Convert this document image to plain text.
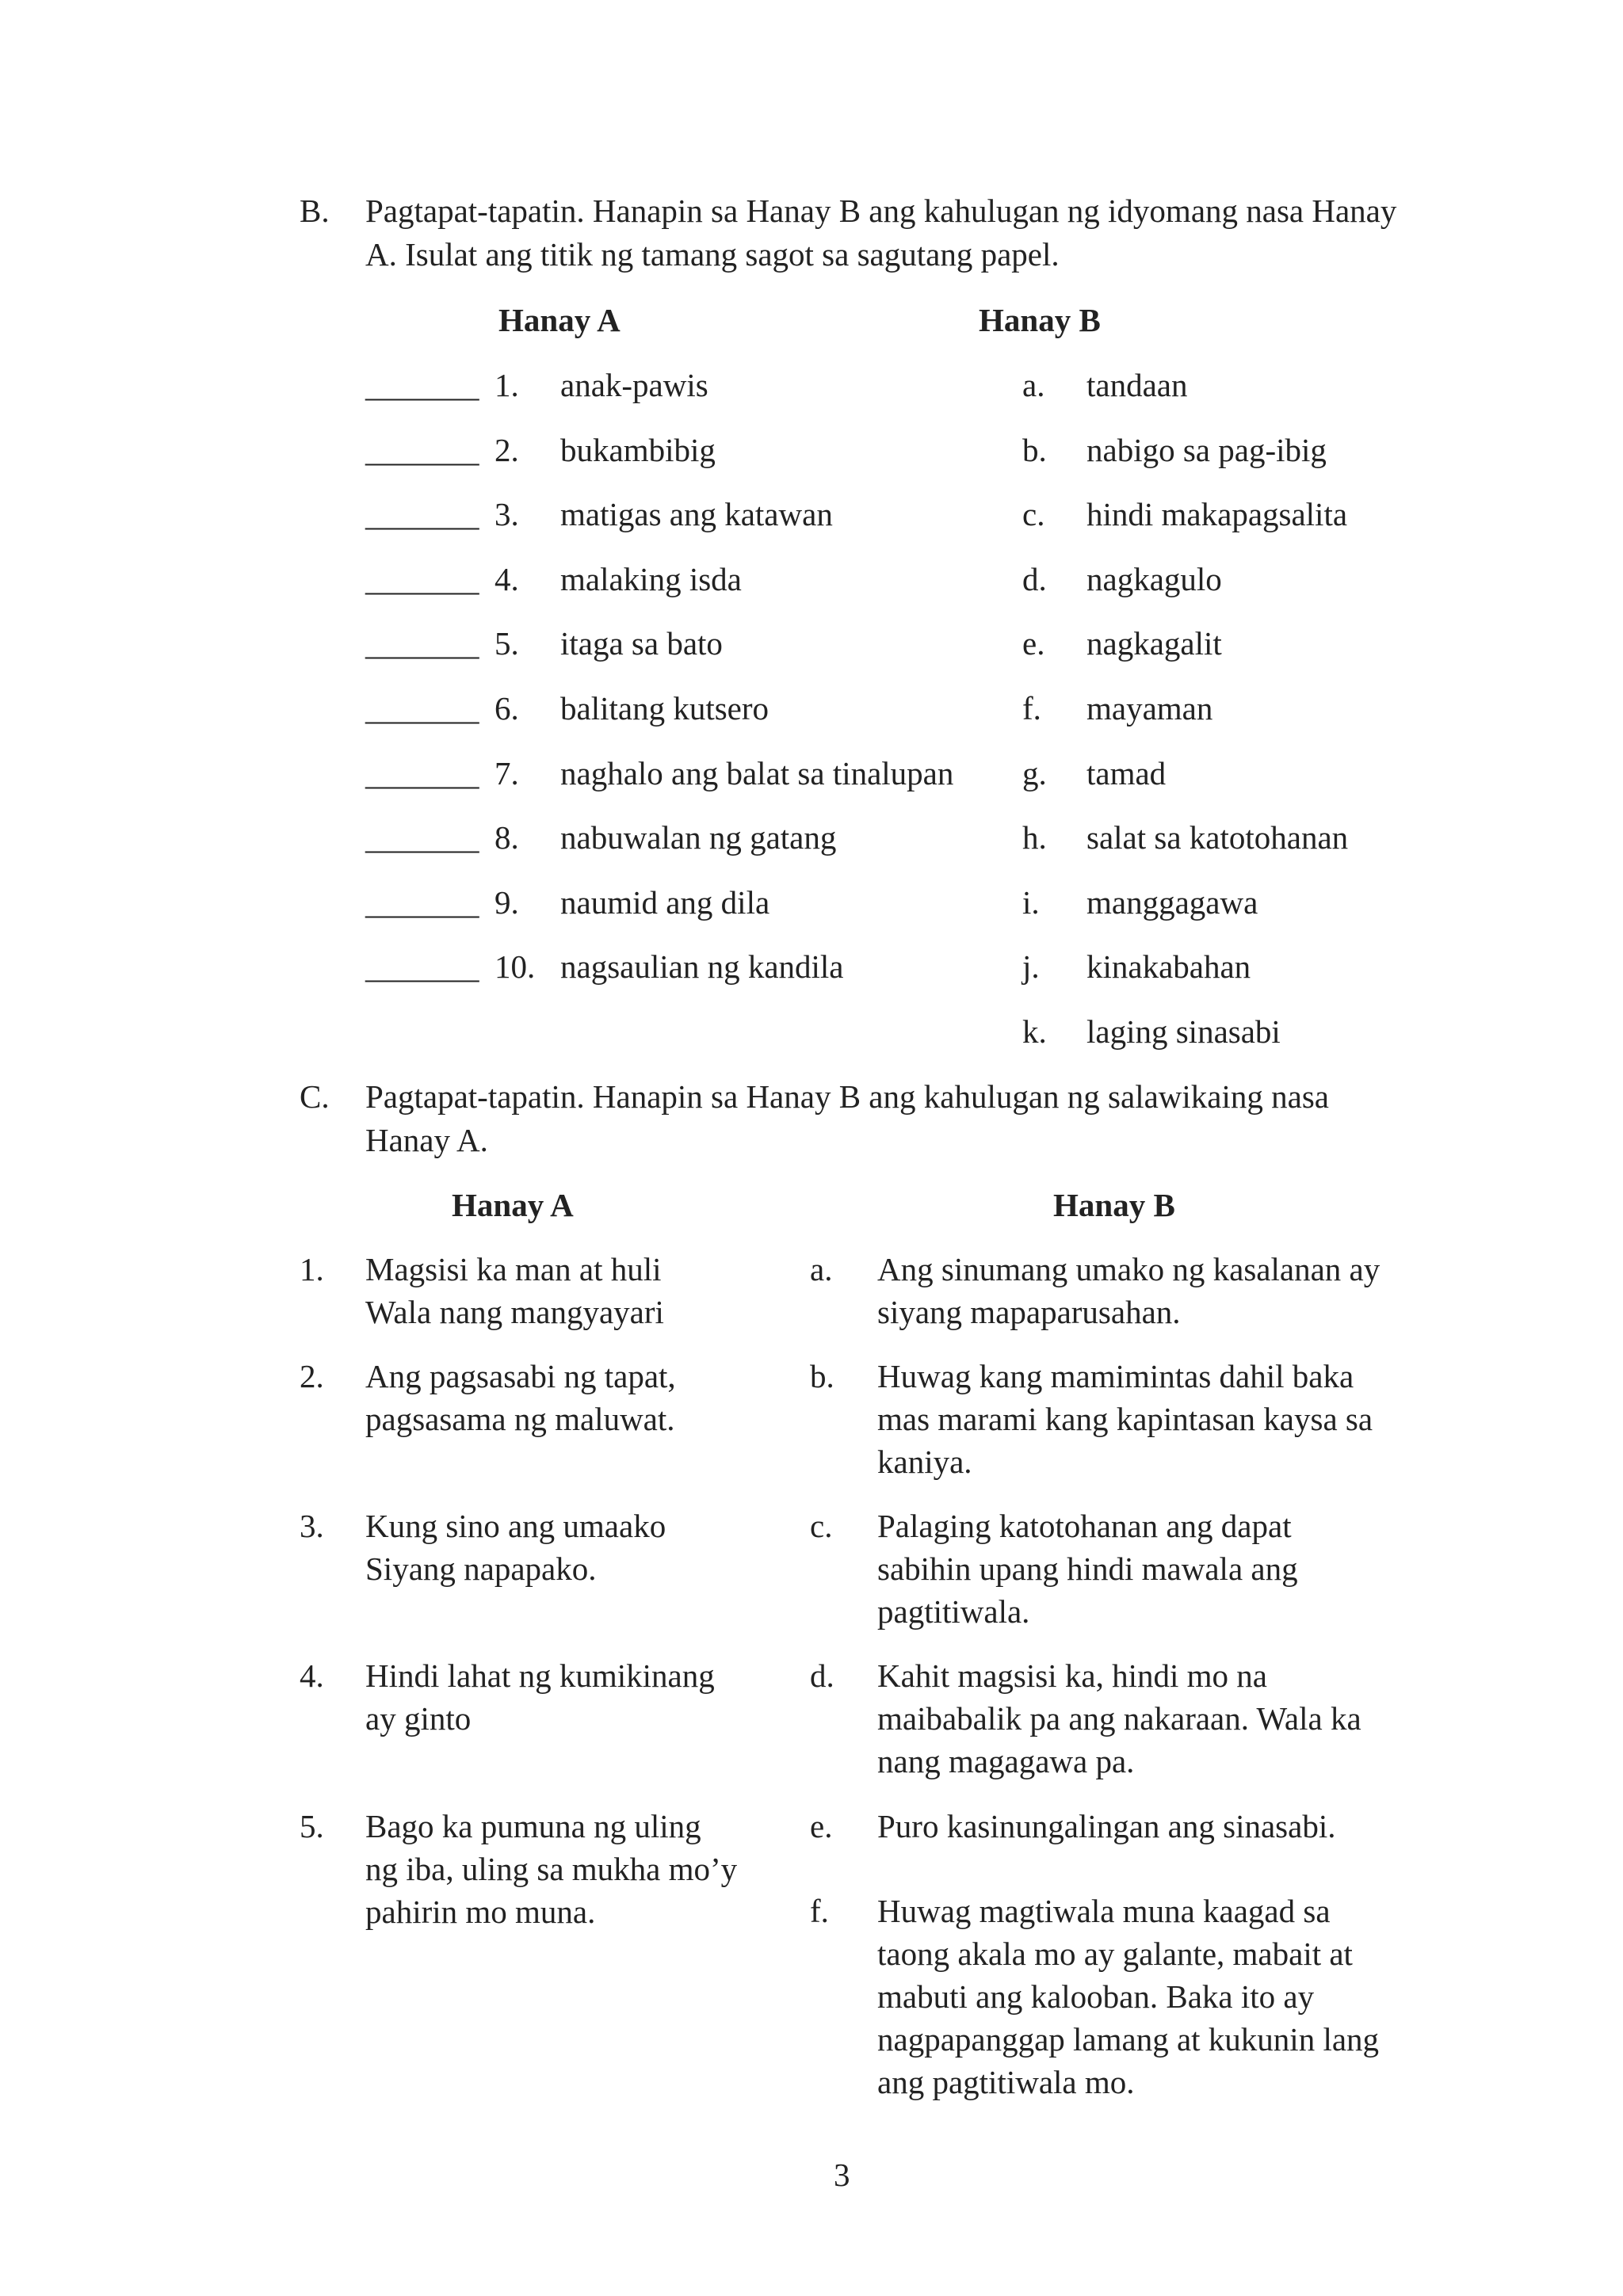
B. Pagtapat-tapatin. Hanapin sa Hanay B ang kahulugan ng idyomang nasa Hanay
A. Isulat ang titik ng tamang sagot sa sagutang papel.
Hanay A	Hanay B
_______ 1. anak-pawis
_______ 2. bukambibig
_______ 3. matigas ang katawan
_______ 4. malaking isda
_______ 5. itaga sa bato
_______ 6. balitang kutsero
_______ 7. naghalo ang balat sa tinalupan
_______ 8. nabuwalan ng gatang
_______ 9. naumid ang dila
_______ 10. nagsaulian ng kandila
a. tandaan
b. nabigo sa pag-ibig
c. hindi makapagsalita
d. nagkagulo
e. nagkagalit
f. mayaman
g. tamad
h. salat sa katotohanan
i. manggagawa
j. kinakabahan
k. laging sinasabi
C. Pagtapat-tapatin. Hanapin sa Hanay B ang kahulugan ng salawikaing nasa
Hanay A.
Hanay A	Hanay B
1. Magsisi ka man at huli
Wala nang mangyayari
2. Ang pagsasabi ng tapat,
pagsasama ng maluwat.
3. Kung sino ang umaako
Siyang napapako.
4. Hindi lahat ng kumikinang
ay ginto
5. Bago ka pumuna ng uling
ng iba, uling sa mukha mo’y
pahirin mo muna.
a. Ang sinumang umako ng kasalanan ay
siyang mapaparusahan.
b. Huwag kang mamimintas dahil baka
mas marami kang kapintasan kaysa sa
kaniya.
c. Palaging katotohanan ang dapat
sabihin upang hindi mawala ang
pagtitiwala.
d. Kahit magsisi ka, hindi mo na
maibabalik pa ang nakaraan. Wala ka
nang magagawa pa.
e. Puro kasinungalingan ang sinasabi.
f. Huwag magtiwala muna kaagad sa
taong akala mo ay galante, mabait at
mabuti ang kalooban. Baka ito ay
nagpapanggap lamang at kukunin lang
ang pagtitiwala mo.
3
